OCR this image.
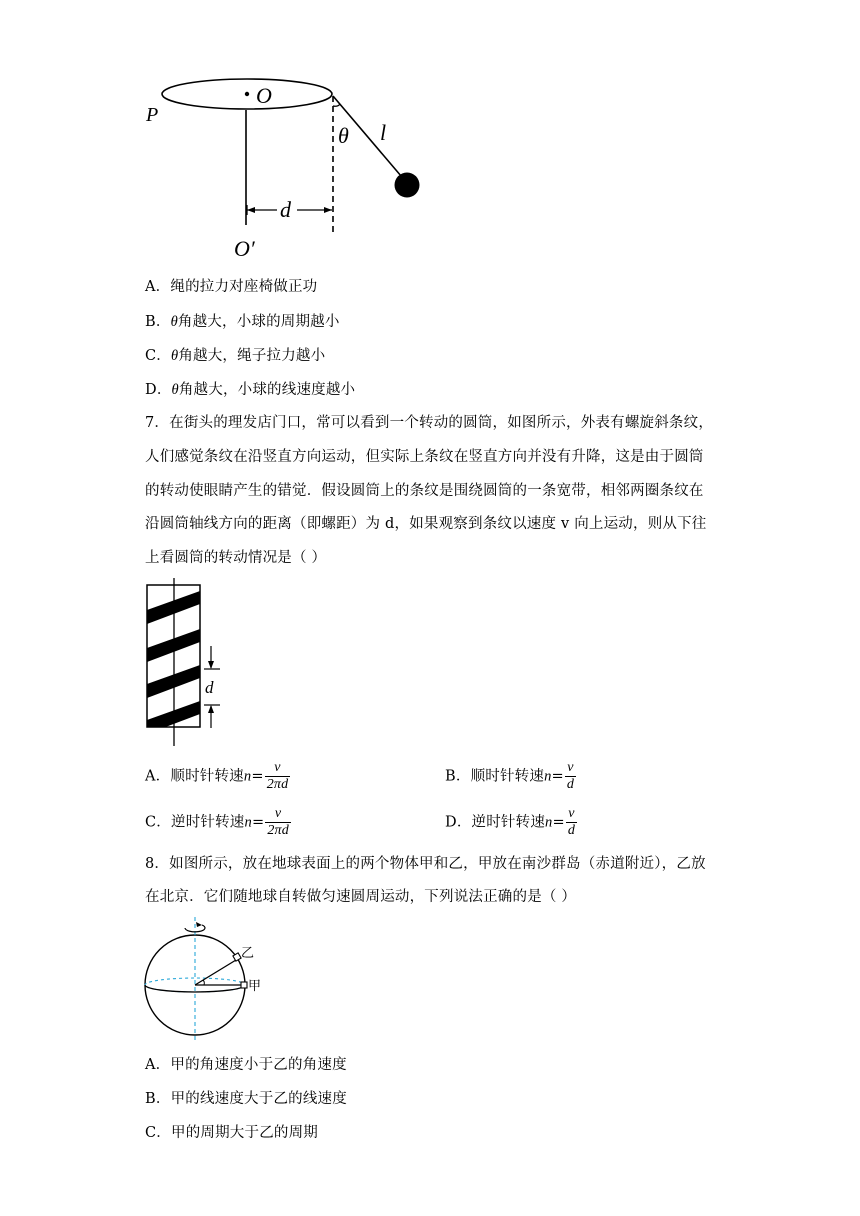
O
P
θ l
d
O′
A．绳的拉力对座椅做正功
B．θ角越大，小球的周期越小
C．θ角越大，绳子拉力越小
D．θ角越大，小球的线速度越小
7．在街头的理发店门口，常可以看到一个转动的圆筒，如图所示，外表有螺旋斜条纹，
人们感觉条纹在沿竖直方向运动，但实际上条纹在竖直方向并没有升降，这是由于圆筒
的转动使眼睛产生的错觉．假设圆筒上的条纹是围绕圆筒的一条宽带，相邻两圈条纹在
沿圆筒轴线方向的距离（即螺距）为 d，如果观察到条纹以速度 v 向上运动，则从下往
上看圆筒的转动情况是（ ）
d
A．顺时针转速$n= \frac{v}{2\pi d}$	B．顺时针转速$n= \frac{v}{d}$
C．逆时针转速$n= \frac{v}{2\pi d}$	D．逆时针转速$n= \frac{v}{d}$
8．如图所示，放在地球表面上的两个物体甲和乙，甲放在南沙群岛（赤道附近），乙放
在北京．它们随地球自转做匀速圆周运动，下列说法正确的是（ ）
乙
甲
A．甲的角速度小于乙的角速度
B．甲的线速度大于乙的线速度
C．甲的周期大于乙的周期
